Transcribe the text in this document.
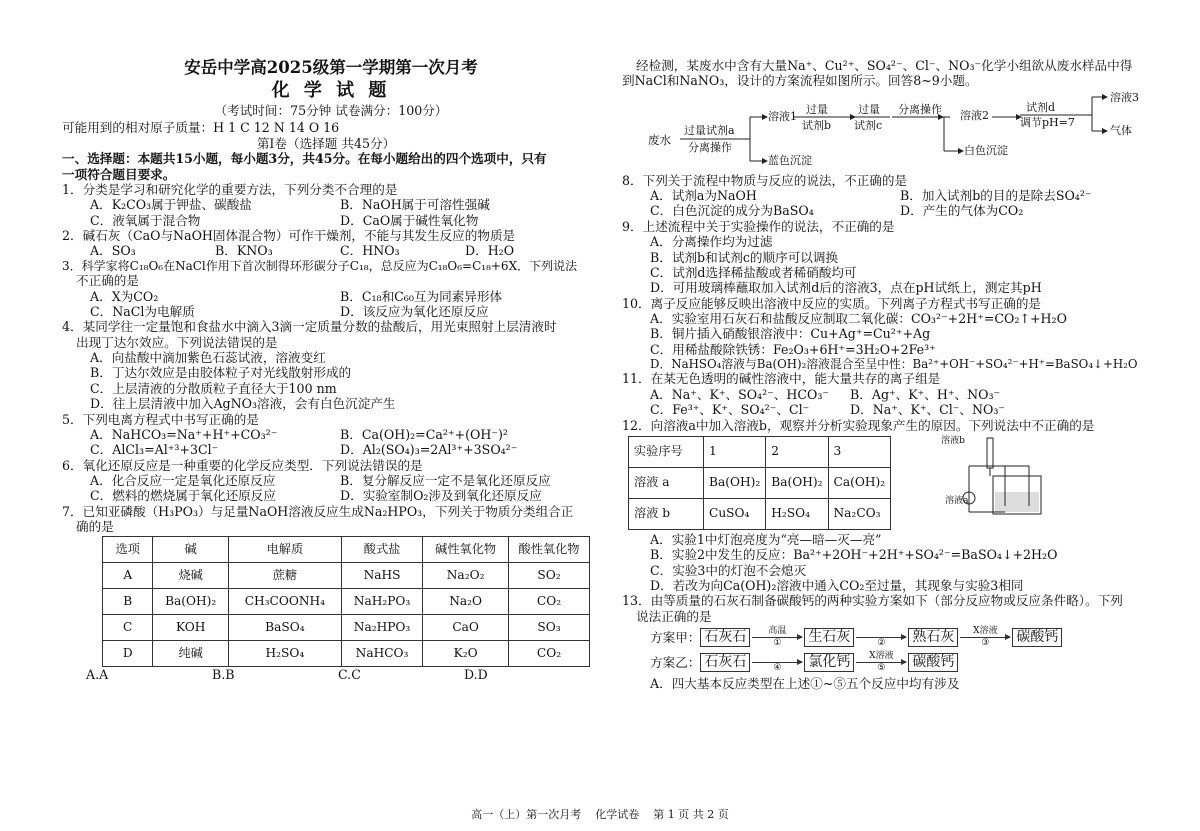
安岳中学高2025级第一学期第一次月考

化 学 试 题

（考试时间：75分钟 试卷满分：100分）

可能用到的相对原子质量：H 1 C 12 N 14 O 16

第Ⅰ卷（选择题 共45分）

一、选择题：本题共15小题，每小题3分，共45分。在每小题给出的四个选项中，只有

一项符合题目要求。

1．分类是学习和研究化学的重要方法，下列分类不合理的是

A．K₂CO₃属于钾盐、碳酸盐	B．NaOH属于可溶性强碱
C．液氧属于混合物	D．CaO属于碱性氧化物

2．碱石灰（CaO与NaOH固体混合物）可作干燥剂，不能与其发生反应的物质是

A．SO₃	B．KNO₃	C．HNO₃	D．H₂O

3．科学家将C₁₈O₆在NaCl作用下首次制得环形碳分子C₁₈，总反应为C₁₈O₆=C₁₈+6X．下列说法

不正确的是

A．X为CO₂	B．C₁₈和C₆₀互为同素异形体
C．NaCl为电解质	D．该反应为氧化还原反应

4．某同学往一定量饱和食盐水中滴入3滴一定质量分数的盐酸后，用光束照射上层清液时

出现丁达尔效应。下列说法错误的是

A．向盐酸中滴加紫色石蕊试液，溶液变红

B．丁达尔效应是由胶体粒子对光线散射形成的

C．上层清液的分散质粒子直径大于100 nm

D．往上层清液中加入AgNO₃溶液，会有白色沉淀产生

5．下列电离方程式中书写正确的是

A．NaHCO₃=Na⁺+H⁺+CO₃²⁻	B．Ca(OH)₂=Ca²⁺+(OH⁻)²
C．AlCl₃=Al⁺³+3Cl⁻	D．Al₂(SO₄)₃=2Al³⁺+3SO₄²⁻

6．氧化还原反应是一种重要的化学反应类型．下列说法错误的是

A．化合反应一定是氧化还原反应	B．复分解反应一定不是氧化还原反应
C．燃料的燃烧属于氧化还原反应	D．实验室制O₂涉及到氧化还原反应

7．已知亚磷酸（H₃PO₃）与足量NaOH溶液反应生成Na₂HPO₃，下列关于物质分类组合正

确的是

选项	碱	电解质	酸式盐	碱性氧化物	酸性氧化物
A	烧碱	蔗糖	NaHS	Na₂O₂	SO₂
B	Ba(OH)₂	CH₃COONH₄	NaH₂PO₃	Na₂O	CO₂
C	KOH	BaSO₄	Na₂HPO₃	CaO	SO₃
D	纯碱	H₂SO₄	NaHCO₃	K₂O	CO₂
A.A	B.B	C.C	D.D

经检测，某废水中含有大量Na⁺、Cu²⁺、SO₄²⁻、Cl⁻、NO₃⁻化学小组欲从废水样品中得

到NaCl和NaNO₃，设计的方案流程如图所示。回答8~9小题。

废水
过量试剂a
分离操作
溶液1
蓝色沉淀
过量
试剂b
过量
试剂c
分离操作 溶液2
白色沉淀
试剂d
调节pH=7
溶液3
气体

8．下列关于流程中物质与反应的说法，不正确的是

A．试剂a为NaOH	B．加入试剂b的目的是除去SO₄²⁻
C．白色沉淀的成分为BaSO₄	D．产生的气体为CO₂

9．上述流程中关于实验操作的说法，不正确的是

A．分离操作均为过滤

B．试剂b和试剂c的顺序可以调换

C．试剂d选择稀盐酸或者稀硝酸均可

D．可用玻璃棒蘸取加入试剂d后的溶液3，点在pH试纸上，测定其pH

10．离子反应能够反映出溶液中反应的实质。下列离子方程式书写正确的是

A．实验室用石灰石和盐酸反应制取二氧化碳：CO₃²⁻+2H⁺=CO₂↑+H₂O

B．铜片插入硝酸银溶液中：Cu+Ag⁺=Cu²⁺+Ag

C．用稀盐酸除铁锈：Fe₂O₃+6H⁺=3H₂O+2Fe³⁺

D．NaHSO₄溶液与Ba(OH)₂溶液混合至呈中性：Ba²⁺+OH⁻+SO₄²⁻+H⁺=BaSO₄↓+H₂O

11．在某无色透明的碱性溶液中，能大量共存的离子组是

A．Na⁺、K⁺、SO₄²⁻、HCO₃⁻	B．Ag⁺、K⁺、H⁺、NO₃⁻
C．Fe³⁺、K⁺、SO₄²⁻、Cl⁻	D．Na⁺、K⁺、Cl⁻、NO₃⁻

12．向溶液a中加入溶液b，观察并分析实验现象产生的原因。下列说法中不正确的是

实验序号	1	2	3
溶液 a	Ba(OH)₂	Ba(OH)₂	Ca(OH)₂
溶液 b	CuSO₄	H₂SO₄	Na₂CO₃
溶液b
溶液a

A．实验1中灯泡亮度为“亮—暗—灭—亮”

B．实验2中发生的反应：Ba²⁺+2OH⁻+2H⁺+SO₄²⁻=BaSO₄↓+2H₂O

C．实验3中的灯泡不会熄灭

D．若改为向Ca(OH)₂溶液中通入CO₂至过量，其现象与实验3相同

13．由等质量的石灰石制备碳酸钙的两种实验方案如下（部分反应物或反应条件略）。下列

说法正确的是

方案甲： 石灰石	高温
① 生石灰
	② 熟石灰	X溶液
③ 碳酸钙
方案乙： 石灰石
	④ 氯化钙	X溶液
⑤ 碳酸钙

A．四大基本反应类型在上述①~⑤五个反应中均有涉及

高一（上）第一次月考    化学试卷    第 1 页 共 2 页
